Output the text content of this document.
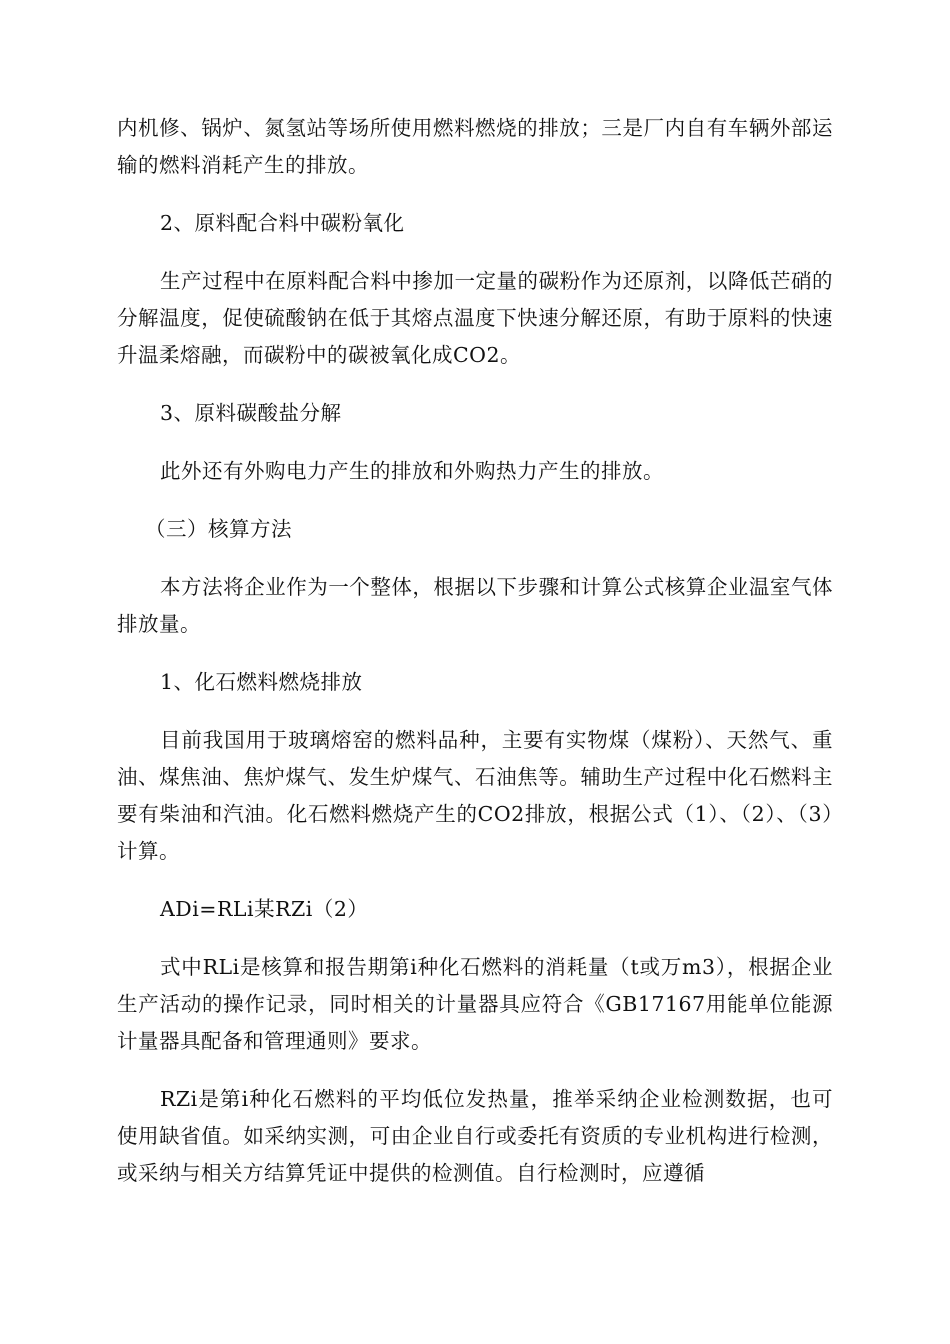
内机修、锅炉、氮氢站等场所使用燃料燃烧的排放；三是厂内自有车辆外部运输的燃料消耗产生的排放。

2、原料配合料中碳粉氧化

生产过程中在原料配合料中掺加一定量的碳粉作为还原剂，以降低芒硝的分解温度，促使硫酸钠在低于其熔点温度下快速分解还原，有助于原料的快速升温柔熔融，而碳粉中的碳被氧化成CO2。

3、原料碳酸盐分解

此外还有外购电力产生的排放和外购热力产生的排放。

（三）核算方法

本方法将企业作为一个整体，根据以下步骤和计算公式核算企业温室气体排放量。

1、化石燃料燃烧排放

目前我国用于玻璃熔窑的燃料品种，主要有实物煤（煤粉）、天然气、重油、煤焦油、焦炉煤气、发生炉煤气、石油焦等。辅助生产过程中化石燃料主要有柴油和汽油。化石燃料燃烧产生的CO2排放，根据公式（1）、（2）、（3）计算。

ADi=RLi某RZi（2）

式中RLi是核算和报告期第i种化石燃料的消耗量（t或万m3），根据企业生产活动的操作记录，同时相关的计量器具应符合《GB17167用能单位能源计量器具配备和管理通则》要求。

RZi是第i种化石燃料的平均低位发热量，推举采纳企业检测数据，也可使用缺省值。如采纳实测，可由企业自行或委托有资质的专业机构进行检测，或采纳与相关方结算凭证中提供的检测值。自行检测时，应遵循
